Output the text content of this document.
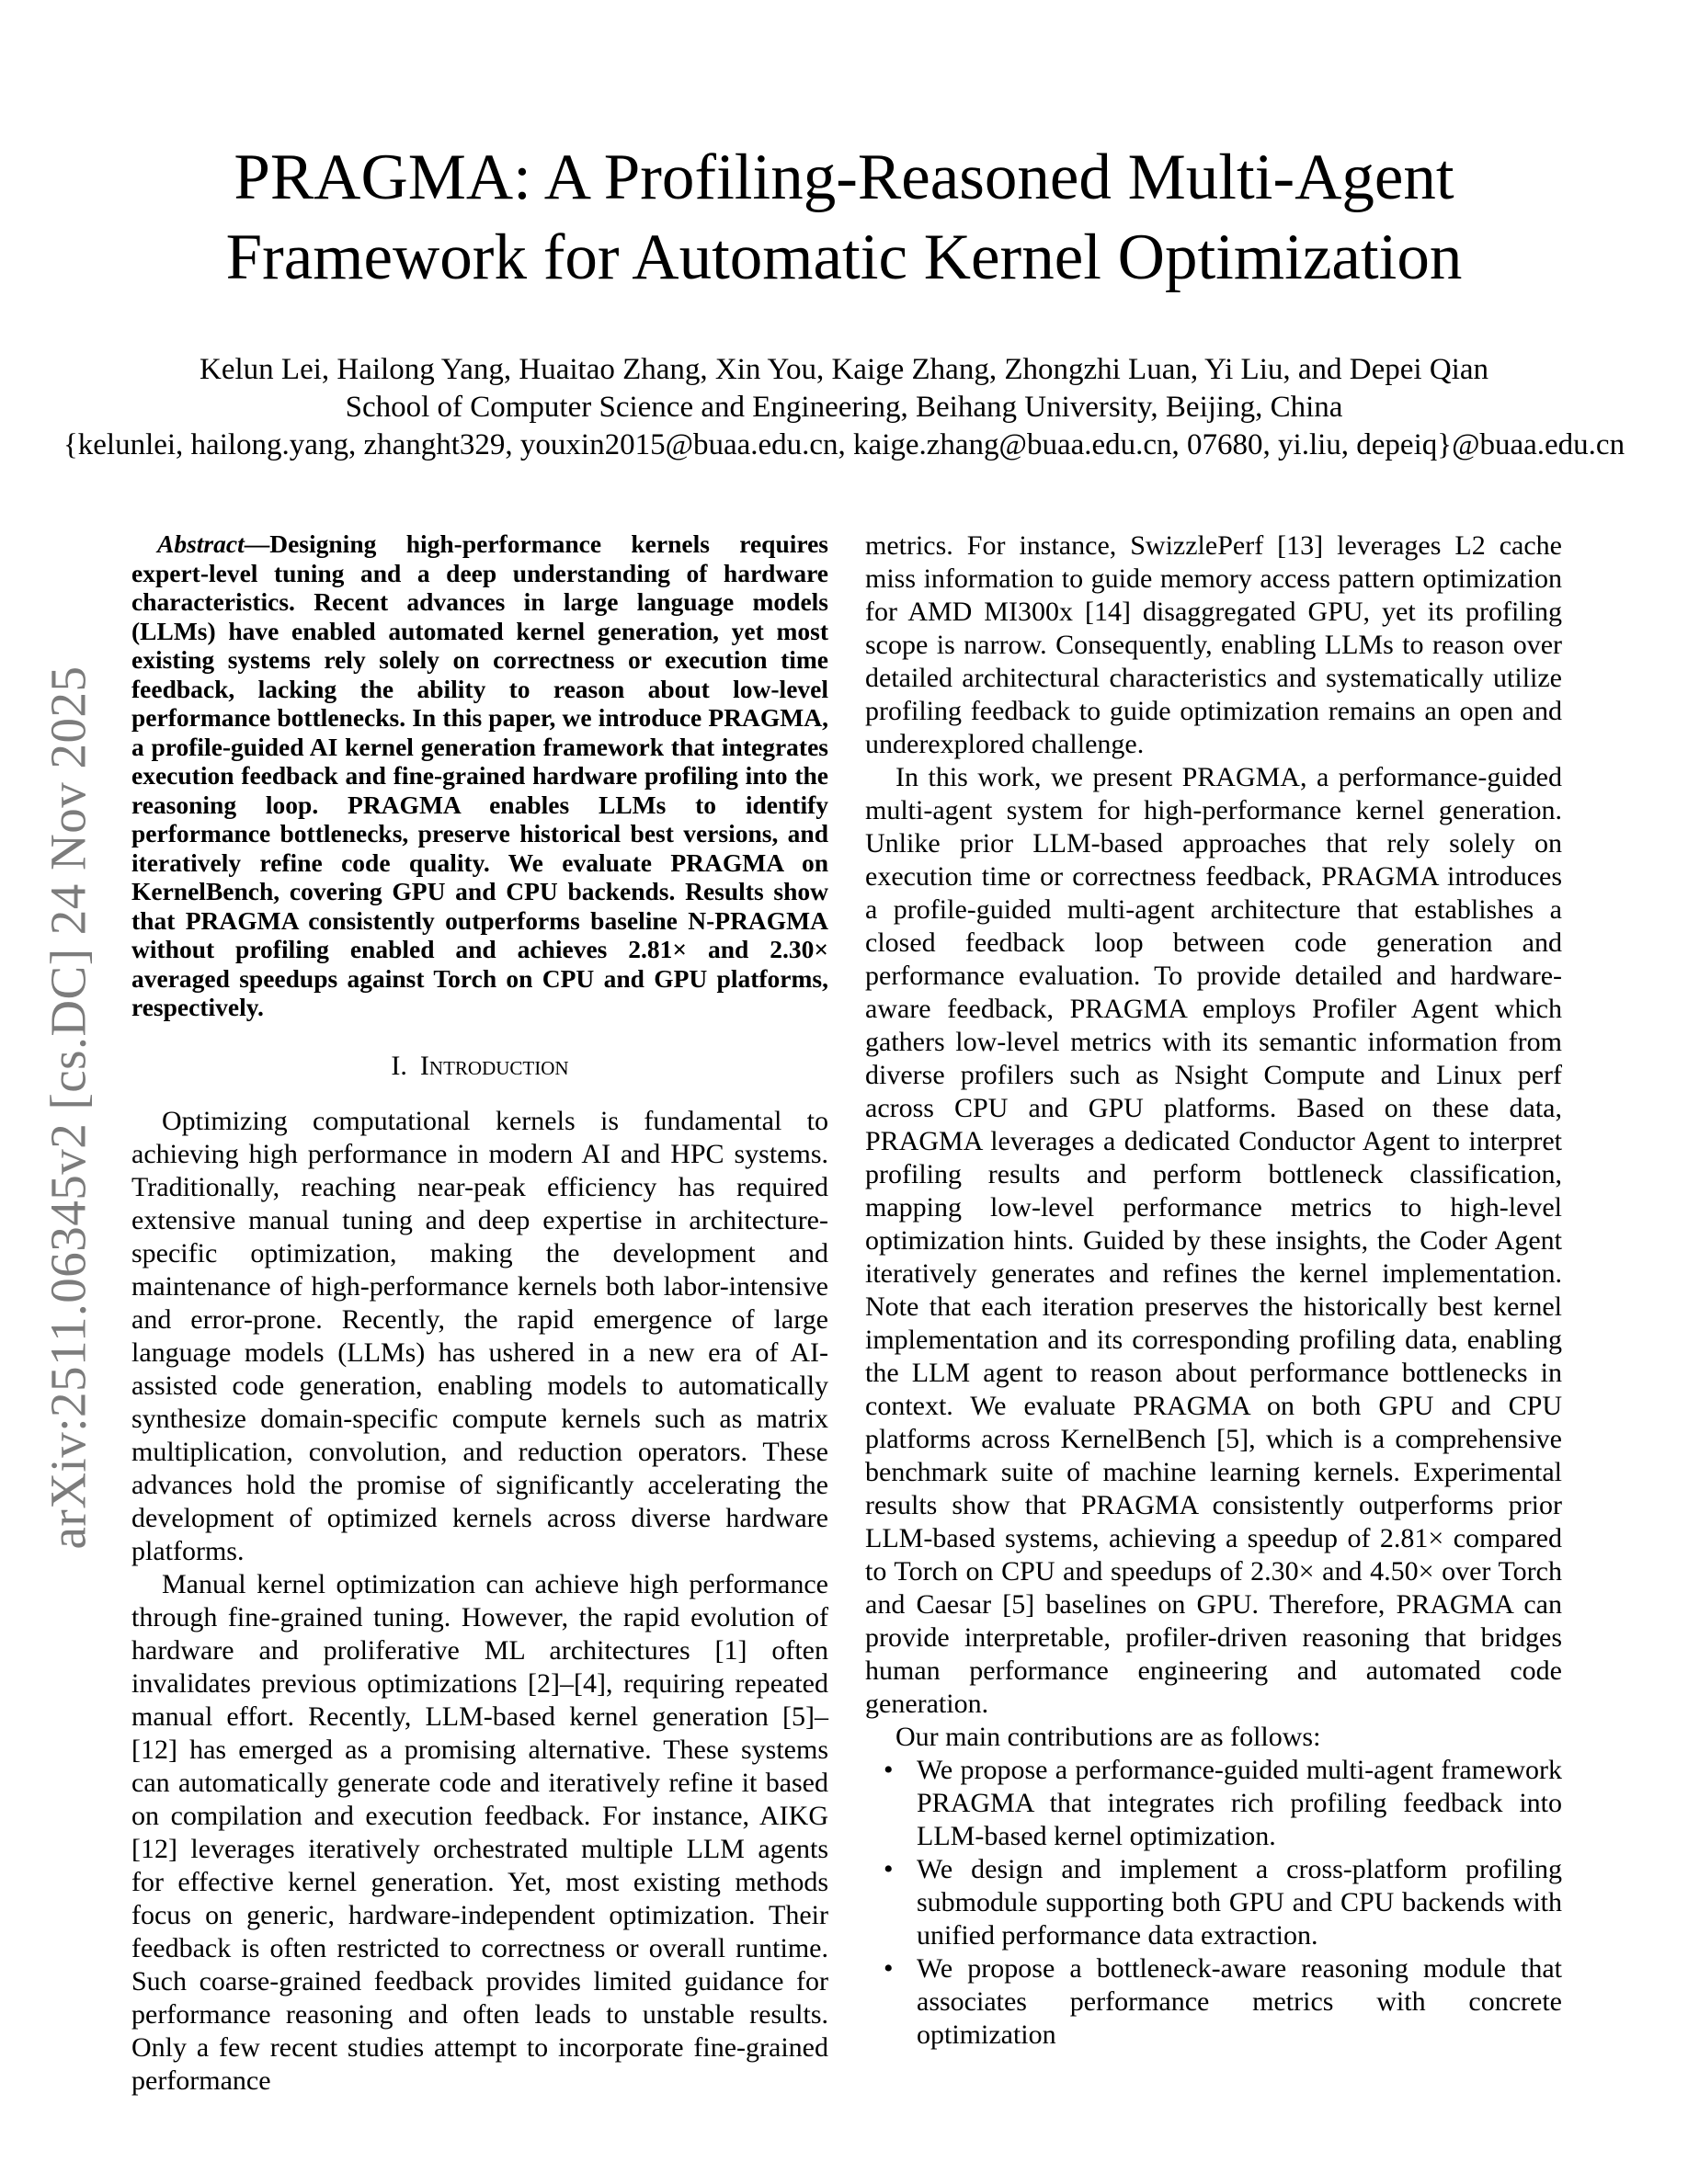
arXiv:2511.06345v2 [cs.DC] 24 Nov 2025
PRAGMA: A Profiling-Reasoned Multi-Agent
Framework for Automatic Kernel Optimization
Kelun Lei, Hailong Yang, Huaitao Zhang, Xin You, Kaige Zhang, Zhongzhi Luan, Yi Liu, and Depei Qian
School of Computer Science and Engineering, Beihang University, Beijing, China
{kelunlei, hailong.yang, zhanght329, youxin2015@buaa.edu.cn, kaige.zhang@buaa.edu.cn, 07680, yi.liu, depeiq}@buaa.edu.cn

Abstract—Designing high-performance kernels requires expert-level tuning and a deep understanding of hardware characteristics. Recent advances in large language models (LLMs) have enabled automated kernel generation, yet most existing systems rely solely on correctness or execution time feedback, lacking the ability to reason about low-level performance bottlenecks. In this paper, we introduce PRAGMA, a profile-guided AI kernel generation framework that integrates execution feedback and fine-grained hardware profiling into the reasoning loop. PRAGMA enables LLMs to identify performance bottlenecks, preserve historical best versions, and iteratively refine code quality. We evaluate PRAGMA on KernelBench, covering GPU and CPU backends. Results show that PRAGMA consistently outperforms baseline N-PRAGMA without profiling enabled and achieves 2.81× and 2.30× averaged speedups against Torch on CPU and GPU platforms, respectively.

I. Introduction

Optimizing computational kernels is fundamental to achieving high performance in modern AI and HPC systems. Traditionally, reaching near-peak efficiency has required extensive manual tuning and deep expertise in architecture-specific optimization, making the development and maintenance of high-performance kernels both labor-intensive and error-prone. Recently, the rapid emergence of large language models (LLMs) has ushered in a new era of AI-assisted code generation, enabling models to automatically synthesize domain-specific compute kernels such as matrix multiplication, convolution, and reduction operators. These advances hold the promise of significantly accelerating the development of optimized kernels across diverse hardware platforms.

Manual kernel optimization can achieve high performance through fine-grained tuning. However, the rapid evolution of hardware and proliferative ML architectures [1] often invalidates previous optimizations [2]–[4], requiring repeated manual effort. Recently, LLM-based kernel generation [5]–[12] has emerged as a promising alternative. These systems can automatically generate code and iteratively refine it based on compilation and execution feedback. For instance, AIKG [12] leverages iteratively orchestrated multiple LLM agents for effective kernel generation. Yet, most existing methods focus on generic, hardware-independent optimization. Their feedback is often restricted to correctness or overall runtime. Such coarse-grained feedback provides limited guidance for performance reasoning and often leads to unstable results. Only a few recent studies attempt to incorporate fine-grained performance

metrics. For instance, SwizzlePerf [13] leverages L2 cache miss information to guide memory access pattern optimization for AMD MI300x [14] disaggregated GPU, yet its profiling scope is narrow. Consequently, enabling LLMs to reason over detailed architectural characteristics and systematically utilize profiling feedback to guide optimization remains an open and underexplored challenge.

In this work, we present PRAGMA, a performance-guided multi-agent system for high-performance kernel generation. Unlike prior LLM-based approaches that rely solely on execution time or correctness feedback, PRAGMA introduces a profile-guided multi-agent architecture that establishes a closed feedback loop between code generation and performance evaluation. To provide detailed and hardware-aware feedback, PRAGMA employs Profiler Agent which gathers low-level metrics with its semantic information from diverse profilers such as Nsight Compute and Linux perf across CPU and GPU platforms. Based on these data, PRAGMA leverages a dedicated Conductor Agent to interpret profiling results and perform bottleneck classification, mapping low-level performance metrics to high-level optimization hints. Guided by these insights, the Coder Agent iteratively generates and refines the kernel implementation. Note that each iteration preserves the historically best kernel implementation and its corresponding profiling data, enabling the LLM agent to reason about performance bottlenecks in context. We evaluate PRAGMA on both GPU and CPU platforms across KernelBench [5], which is a comprehensive benchmark suite of machine learning kernels. Experimental results show that PRAGMA consistently outperforms prior LLM-based systems, achieving a speedup of 2.81× compared to Torch on CPU and speedups of 2.30× and 4.50× over Torch and Caesar [5] baselines on GPU. Therefore, PRAGMA can provide interpretable, profiler-driven reasoning that bridges human performance engineering and automated code generation.

Our main contributions are as follows:

• We propose a performance-guided multi-agent framework PRAGMA that integrates rich profiling feedback into LLM-based kernel optimization.
• We design and implement a cross-platform profiling submodule supporting both GPU and CPU backends with unified performance data extraction.
• We propose a bottleneck-aware reasoning module that associates performance metrics with concrete optimization
